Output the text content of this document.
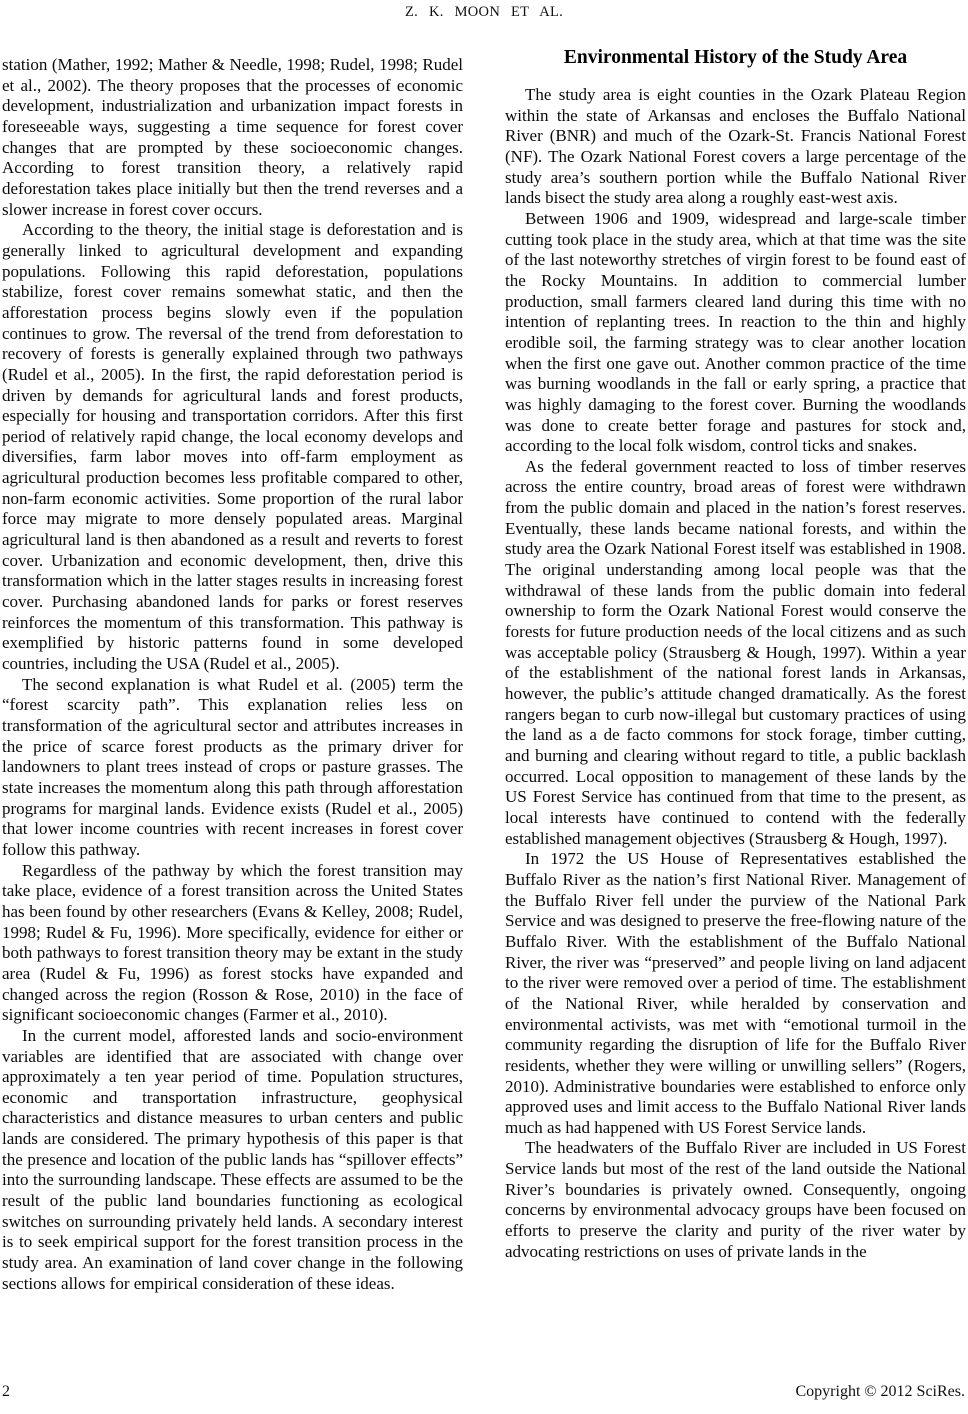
Z. K. MOON ET AL.

station (Mather, 1992; Mather & Needle, 1998; Rudel, 1998; Rudel et al., 2002). The theory proposes that the processes of economic development, industrialization and urbanization impact forests in foreseeable ways, suggesting a time sequence for forest cover changes that are prompted by these socioeconomic changes. According to forest transition theory, a relatively rapid deforestation takes place initially but then the trend reverses and a slower increase in forest cover occurs.

According to the theory, the initial stage is deforestation and is generally linked to agricultural development and expanding populations. Following this rapid deforestation, populations stabilize, forest cover remains somewhat static, and then the afforestation process begins slowly even if the population continues to grow. The reversal of the trend from deforestation to recovery of forests is generally explained through two pathways (Rudel et al., 2005). In the first, the rapid deforestation period is driven by demands for agricultural lands and forest products, especially for housing and transportation corridors. After this first period of relatively rapid change, the local economy develops and diversifies, farm labor moves into off-farm employment as agricultural production becomes less profitable compared to other, non-farm economic activities. Some proportion of the rural labor force may migrate to more densely populated areas. Marginal agricultural land is then abandoned as a result and reverts to forest cover. Urbanization and economic development, then, drive this transformation which in the latter stages results in increasing forest cover. Purchasing abandoned lands for parks or forest reserves reinforces the momentum of this transformation. This pathway is exemplified by historic patterns found in some developed countries, including the USA (Rudel et al., 2005).

The second explanation is what Rudel et al. (2005) term the “forest scarcity path”. This explanation relies less on transformation of the agricultural sector and attributes increases in the price of scarce forest products as the primary driver for landowners to plant trees instead of crops or pasture grasses. The state increases the momentum along this path through afforestation programs for marginal lands. Evidence exists (Rudel et al., 2005) that lower income countries with recent increases in forest cover follow this pathway.

Regardless of the pathway by which the forest transition may take place, evidence of a forest transition across the United States has been found by other researchers (Evans & Kelley, 2008; Rudel, 1998; Rudel & Fu, 1996). More specifically, evidence for either or both pathways to forest transition theory may be extant in the study area (Rudel & Fu, 1996) as forest stocks have expanded and changed across the region (Rosson & Rose, 2010) in the face of significant socioeconomic changes (Farmer et al., 2010).

In the current model, afforested lands and socio-environment variables are identified that are associated with change over approximately a ten year period of time. Population structures, economic and transportation infrastructure, geophysical characteristics and distance measures to urban centers and public lands are considered. The primary hypothesis of this paper is that the presence and location of the public lands has “spillover effects” into the surrounding landscape. These effects are assumed to be the result of the public land boundaries functioning as ecological switches on surrounding privately held lands. A secondary interest is to seek empirical support for the forest transition process in the study area. An examination of land cover change in the following sections allows for empirical consideration of these ideas.

Environmental History of the Study Area

The study area is eight counties in the Ozark Plateau Region within the state of Arkansas and encloses the Buffalo National River (BNR) and much of the Ozark-St. Francis National Forest (NF). The Ozark National Forest covers a large percentage of the study area’s southern portion while the Buffalo National River lands bisect the study area along a roughly east-west axis.

Between 1906 and 1909, widespread and large-scale timber cutting took place in the study area, which at that time was the site of the last noteworthy stretches of virgin forest to be found east of the Rocky Mountains. In addition to commercial lumber production, small farmers cleared land during this time with no intention of replanting trees. In reaction to the thin and highly erodible soil, the farming strategy was to clear another location when the first one gave out. Another common practice of the time was burning woodlands in the fall or early spring, a practice that was highly damaging to the forest cover. Burning the woodlands was done to create better forage and pastures for stock and, according to the local folk wisdom, control ticks and snakes.

As the federal government reacted to loss of timber reserves across the entire country, broad areas of forest were withdrawn from the public domain and placed in the nation’s forest reserves. Eventually, these lands became national forests, and within the study area the Ozark National Forest itself was established in 1908. The original understanding among local people was that the withdrawal of these lands from the public domain into federal ownership to form the Ozark National Forest would conserve the forests for future production needs of the local citizens and as such was acceptable policy (Strausberg & Hough, 1997). Within a year of the establishment of the national forest lands in Arkansas, however, the public’s attitude changed dramatically. As the forest rangers began to curb now-illegal but customary practices of using the land as a de facto commons for stock forage, timber cutting, and burning and clearing without regard to title, a public backlash occurred. Local opposition to management of these lands by the US Forest Service has continued from that time to the present, as local interests have continued to contend with the federally established management objectives (Strausberg & Hough, 1997).

In 1972 the US House of Representatives established the Buffalo River as the nation’s first National River. Management of the Buffalo River fell under the purview of the National Park Service and was designed to preserve the free-flowing nature of the Buffalo River. With the establishment of the Buffalo National River, the river was “preserved” and people living on land adjacent to the river were removed over a period of time. The establishment of the National River, while heralded by conservation and environmental activists, was met with “emotional turmoil in the community regarding the disruption of life for the Buffalo River residents, whether they were willing or unwilling sellers” (Rogers, 2010). Administrative boundaries were established to enforce only approved uses and limit access to the Buffalo National River lands much as had happened with US Forest Service lands.

The headwaters of the Buffalo River are included in US Forest Service lands but most of the rest of the land outside the National River’s boundaries is privately owned. Consequently, ongoing concerns by environmental advocacy groups have been focused on efforts to preserve the clarity and purity of the river water by advocating restrictions on uses of private lands in the

2	Copyright © 2012 SciRes.
